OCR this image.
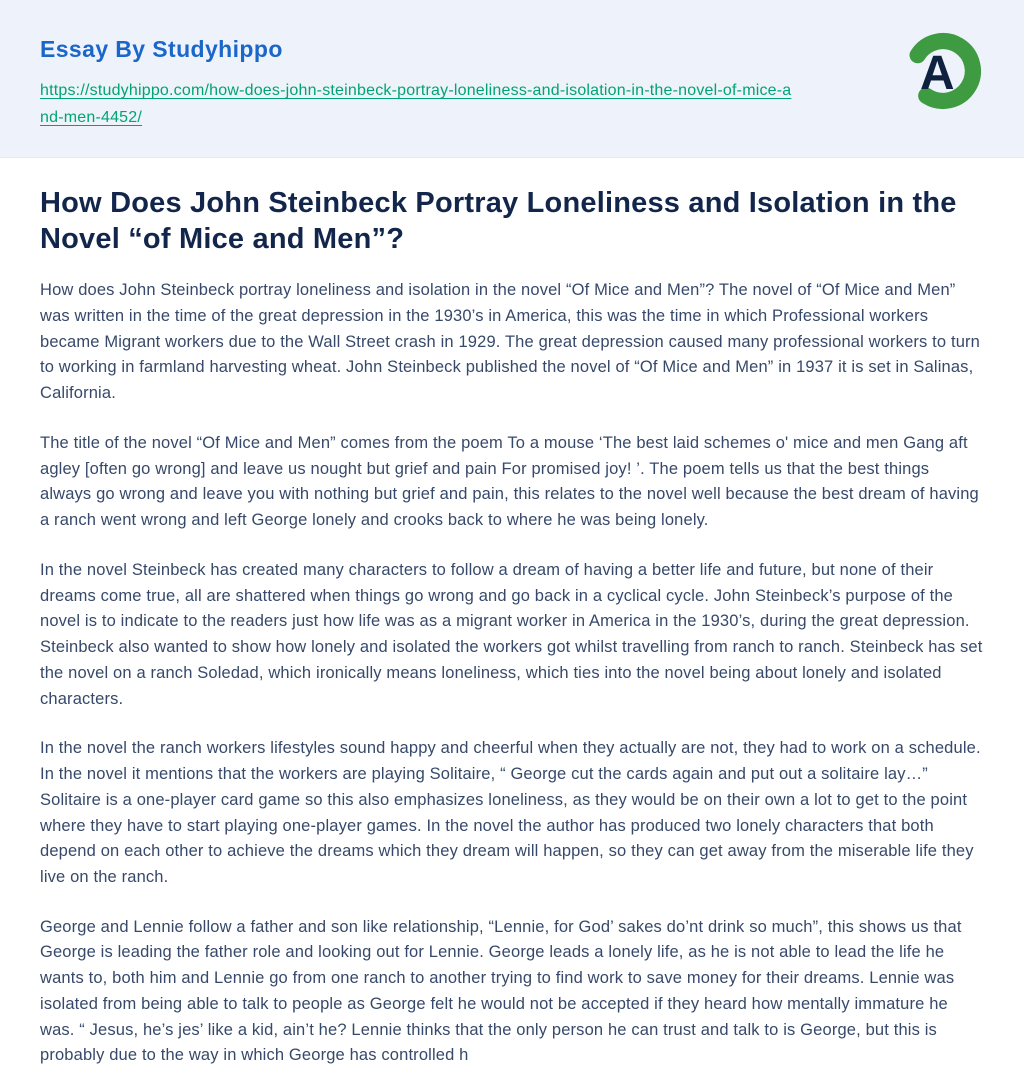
Essay By Studyhippo
https://studyhippo.com/how-does-john-steinbeck-portray-loneliness-and-isolation-in-the-novel-of-mice-and-men-4452/
A
How Does John Steinbeck Portray Loneliness and Isolation in the Novel “of Mice and Men”?

How does John Steinbeck portray loneliness and isolation in the novel “Of Mice and Men”? The novel of “Of Mice and Men” was written in the time of the great depression in the 1930’s in America, this was the time in which Professional workers became Migrant workers due to the Wall Street crash in 1929. The great depression caused many professional workers to turn to working in farmland harvesting wheat. John Steinbeck published the novel of “Of Mice and Men” in 1937 it is set in Salinas, California.

The title of the novel “Of Mice and Men” comes from the poem To a mouse ‘The best laid schemes o' mice and men Gang aft agley [often go wrong] and leave us nought but grief and pain For promised joy! ’. The poem tells us that the best things always go wrong and leave you with nothing but grief and pain, this relates to the novel well because the best dream of having a ranch went wrong and left George lonely and crooks back to where he was being lonely.

In the novel Steinbeck has created many characters to follow a dream of having a better life and future, but none of their dreams come true, all are shattered when things go wrong and go back in a cyclical cycle. John Steinbeck’s purpose of the novel is to indicate to the readers just how life was as a migrant worker in America in the 1930’s, during the great depression. Steinbeck also wanted to show how lonely and isolated the workers got whilst travelling from ranch to ranch. Steinbeck has set the novel on a ranch Soledad, which ironically means loneliness, which ties into the novel being about lonely and isolated characters.

In the novel the ranch workers lifestyles sound happy and cheerful when they actually are not, they had to work on a schedule. In the novel it mentions that the workers are playing Solitaire, “ George cut the cards again and put out a solitaire lay…” Solitaire is a one-player card game so this also emphasizes loneliness, as they would be on their own a lot to get to the point where they have to start playing one-player games. In the novel the author has produced two lonely characters that both depend on each other to achieve the dreams which they dream will happen, so they can get away from the miserable life they live on the ranch.

George and Lennie follow a father and son like relationship, “Lennie, for God’ sakes do’nt drink so much”, this shows us that George is leading the father role and looking out for Lennie. George leads a lonely life, as he is not able to lead the life he wants to, both him and Lennie go from one ranch to another trying to find work to save money for their dreams. Lennie was isolated from being able to talk to people as George felt he would not be accepted if they heard how mentally immature he was. “ Jesus, he’s jes’ like a kid, ain’t he? Lennie thinks that the only person he can trust and talk to is George, but this is probably due to the way in which George has controlled h
